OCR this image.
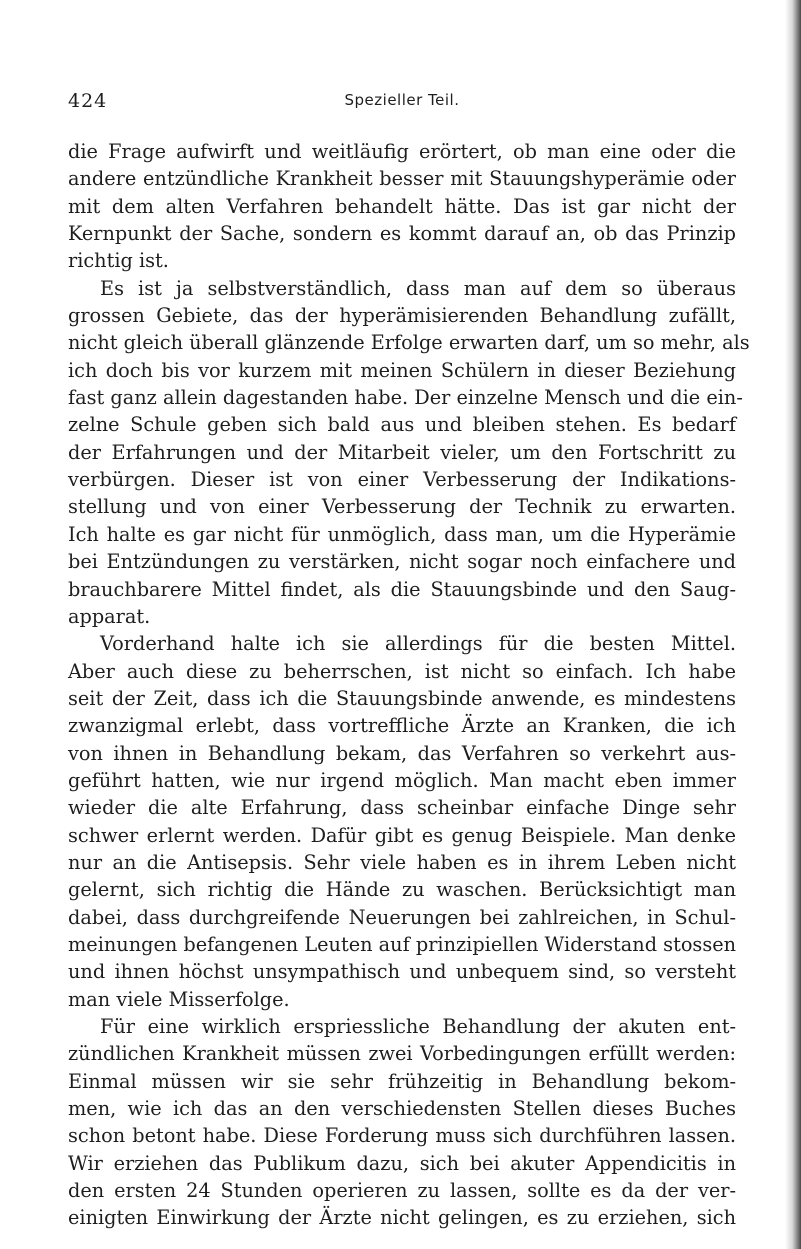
424	Spezieller Teil.
die Frage aufwirft und weitläufig erörtert, ob man eine oder die
andere entzündliche Krankheit besser mit Stauungshyperämie oder
mit dem alten Verfahren behandelt hätte. Das ist gar nicht der
Kernpunkt der Sache, sondern es kommt darauf an, ob das Prinzip
richtig ist.
Es ist ja selbstverständlich, dass man auf dem so überaus
grossen Gebiete, das der hyperämisierenden Behandlung zufällt,
nicht gleich überall glänzende Erfolge erwarten darf, um so mehr, als
ich doch bis vor kurzem mit meinen Schülern in dieser Beziehung
fast ganz allein dagestanden habe. Der einzelne Mensch und die ein-
zelne Schule geben sich bald aus und bleiben stehen. Es bedarf
der Erfahrungen und der Mitarbeit vieler, um den Fortschritt zu
verbürgen. Dieser ist von einer Verbesserung der Indikations-
stellung und von einer Verbesserung der Technik zu erwarten.
Ich halte es gar nicht für unmöglich, dass man, um die Hyperämie
bei Entzündungen zu verstärken, nicht sogar noch einfachere und
brauchbarere Mittel findet, als die Stauungsbinde und den Saug-
apparat.
Vorderhand halte ich sie allerdings für die besten Mittel.
Aber auch diese zu beherrschen, ist nicht so einfach. Ich habe
seit der Zeit, dass ich die Stauungsbinde anwende, es mindestens
zwanzigmal erlebt, dass vortreffliche Ärzte an Kranken, die ich
von ihnen in Behandlung bekam, das Verfahren so verkehrt aus-
geführt hatten, wie nur irgend möglich. Man macht eben immer
wieder die alte Erfahrung, dass scheinbar einfache Dinge sehr
schwer erlernt werden. Dafür gibt es genug Beispiele. Man denke
nur an die Antisepsis. Sehr viele haben es in ihrem Leben nicht
gelernt, sich richtig die Hände zu waschen. Berücksichtigt man
dabei, dass durchgreifende Neuerungen bei zahlreichen, in Schul-
meinungen befangenen Leuten auf prinzipiellen Widerstand stossen
und ihnen höchst unsympathisch und unbequem sind, so versteht
man viele Misserfolge.
Für eine wirklich erspriessliche Behandlung der akuten ent-
zündlichen Krankheit müssen zwei Vorbedingungen erfüllt werden:
Einmal müssen wir sie sehr frühzeitig in Behandlung bekom-
men, wie ich das an den verschiedensten Stellen dieses Buches
schon betont habe. Diese Forderung muss sich durchführen lassen.
Wir erziehen das Publikum dazu, sich bei akuter Appendicitis in
den ersten 24 Stunden operieren zu lassen, sollte es da der ver-
einigten Einwirkung der Ärzte nicht gelingen, es zu erziehen, sich
